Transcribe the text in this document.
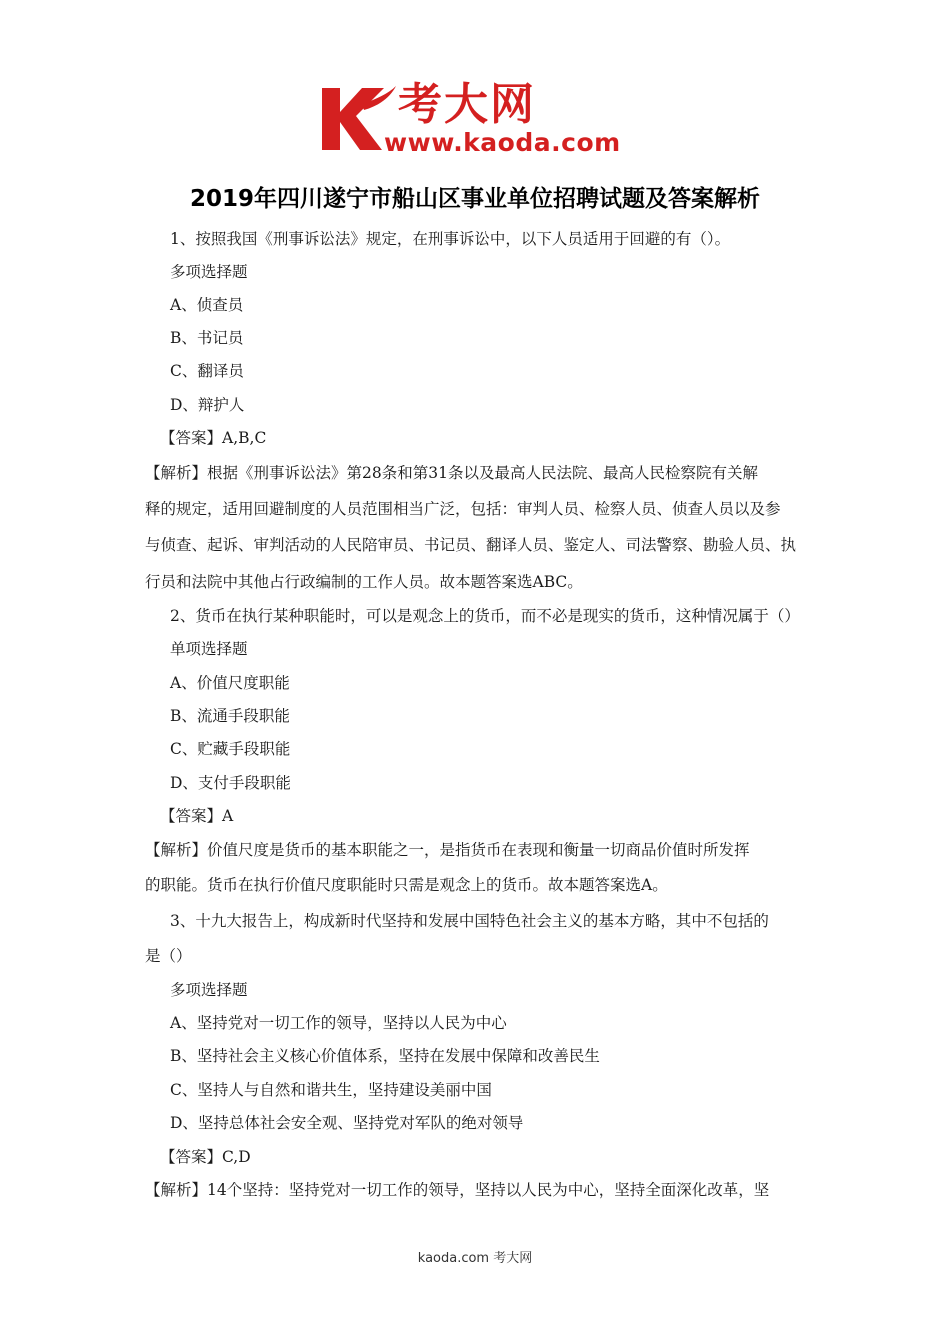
考大网
www.kaoda.com
2019年四川遂宁市船山区事业单位招聘试题及答案解析
1、按照我国《刑事诉讼法》规定，在刑事诉讼中，以下人员适用于回避的有（）。
多项选择题
A、侦查员
B、书记员
C、翻译员
D、辩护人
【答案】A,B,C
【解析】根据《刑事诉讼法》第28条和第31条以及最高人民法院、最高人民检察院有关解
释的规定，适用回避制度的人员范围相当广泛，包括：审判人员、检察人员、侦查人员以及参
与侦查、起诉、审判活动的人民陪审员、书记员、翻译人员、鉴定人、司法警察、勘验人员、执
行员和法院中其他占行政编制的工作人员。故本题答案选ABC。
2、货币在执行某种职能时，可以是观念上的货币，而不必是现实的货币，这种情况属于（）
单项选择题
A、价值尺度职能
B、流通手段职能
C、贮藏手段职能
D、支付手段职能
【答案】A
【解析】价值尺度是货币的基本职能之一，是指货币在表现和衡量一切商品价值时所发挥
的职能。货币在执行价值尺度职能时只需是观念上的货币。故本题答案选A。
3、十九大报告上，构成新时代坚持和发展中国特色社会主义的基本方略，其中不包括的
是（）
多项选择题
A、坚持党对一切工作的领导，坚持以人民为中心
B、坚持社会主义核心价值体系，坚持在发展中保障和改善民生
C、坚持人与自然和谐共生，坚持建设美丽中国
D、坚持总体社会安全观、坚持党对军队的绝对领导
【答案】C,D
【解析】14个坚持：坚持党对一切工作的领导，坚持以人民为中心，坚持全面深化改革，坚
kaoda.com 考大网
